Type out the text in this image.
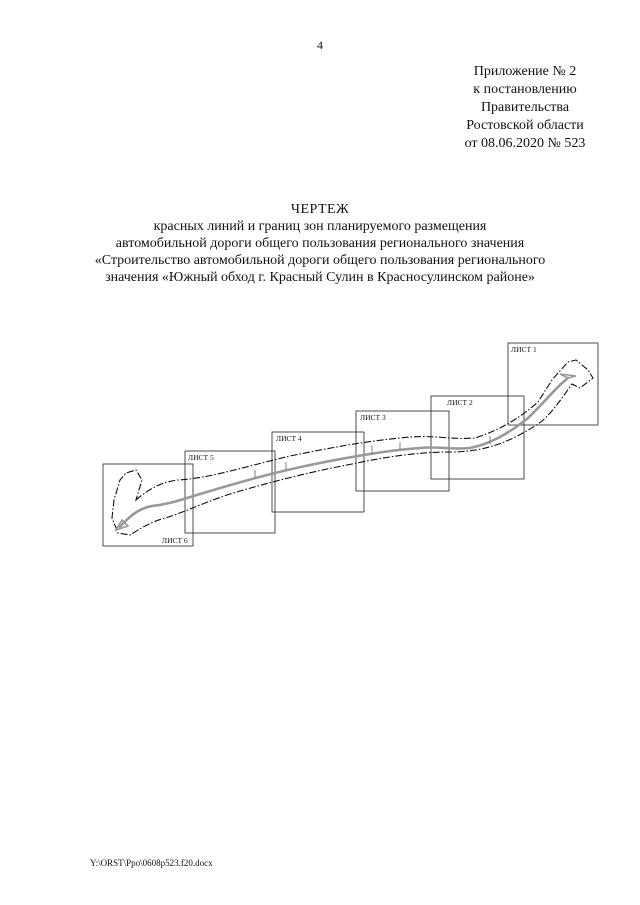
4
Приложение № 2
к постановлению
Правительства
Ростовской области
от 08.06.2020 № 523
ЧЕРТЕЖ
красных линий и границ зон планируемого размещения
автомобильной дороги общего пользования регионального значения
«Строительство автомобильной дороги общего пользования регионального
значения «Южный обход г. Красный Сулин в Красносулинском районе»
ЛИСТ 1
ЛИСТ 2
ЛИСТ 3
ЛИСТ 4
ЛИСТ 5
ЛИСТ 6
Y:\ORST\Ppo\0608p523.f20.docx
